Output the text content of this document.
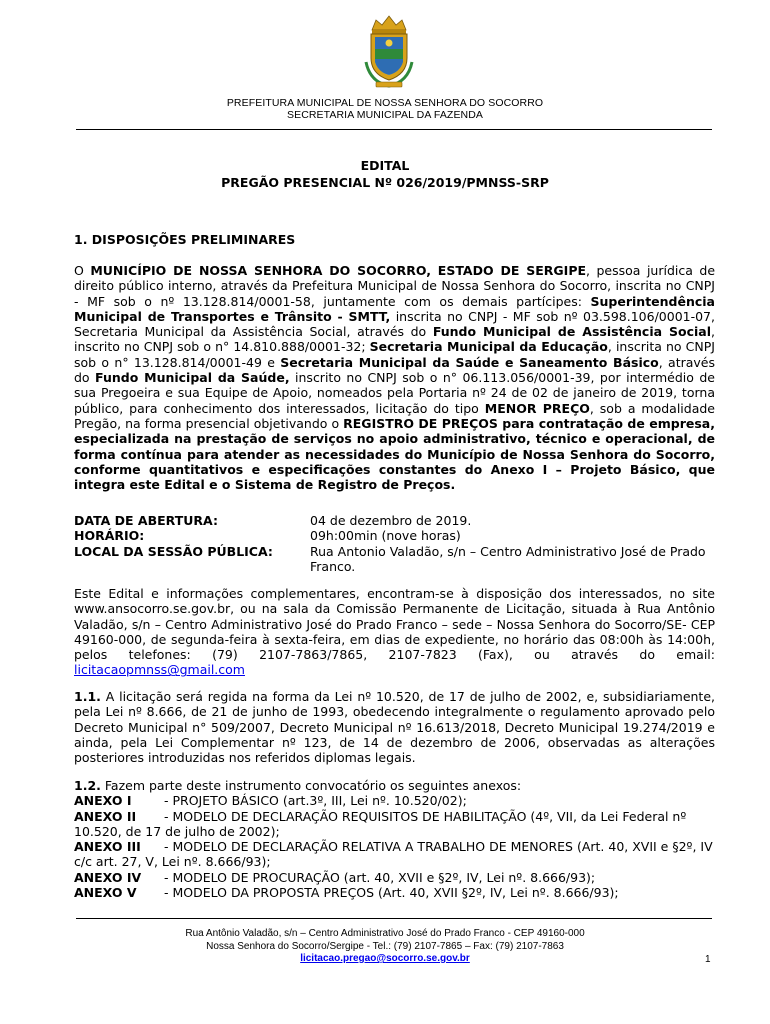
PREFEITURA MUNICIPAL DE NOSSA SENHORA DO SOCORRO
SECRETARIA MUNICIPAL DA FAZENDA
EDITAL
PREGÃO PRESENCIAL Nº 026/2019/PMNSS-SRP
1. DISPOSIÇÕES PRELIMINARES

O MUNICÍPIO DE NOSSA SENHORA DO SOCORRO, ESTADO DE SERGIPE, pessoa jurídica de direito público interno, através da Prefeitura Municipal de Nossa Senhora do Socorro, inscrita no CNPJ - MF sob o nº 13.128.814/0001-58, juntamente com os demais partícipes: Superintendência Municipal de Transportes e Trânsito - SMTT, inscrita no CNPJ - MF sob nº 03.598.106/0001-07, Secretaria Municipal da Assistência Social, através do Fundo Municipal de Assistência Social, inscrito no CNPJ sob o n° 14.810.888/0001-32; Secretaria Municipal da Educação, inscrita no CNPJ sob o n° 13.128.814/0001-49 e Secretaria Municipal da Saúde e Saneamento Básico, através do Fundo Municipal da Saúde, inscrito no CNPJ sob o n° 06.113.056/0001-39, por intermédio de sua Pregoeira e sua Equipe de Apoio, nomeados pela Portaria nº 24 de 02 de janeiro de 2019, torna público, para conhecimento dos interessados, licitação do tipo MENOR PREÇO, sob a modalidade Pregão, na forma presencial objetivando o REGISTRO DE PREÇOS para contratação de empresa, especializada na prestação de serviços no apoio administrativo, técnico e operacional, de forma contínua para atender as necessidades do Município de Nossa Senhora do Socorro, conforme quantitativos e especificações constantes do Anexo I – Projeto Básico, que integra este Edital e o Sistema de Registro de Preços.

DATA DE ABERTURA:	04 de dezembro de 2019.
HORÁRIO:	09h:00min (nove horas)
LOCAL DA SESSÃO PÚBLICA:	Rua Antonio Valadão, s/n – Centro Administrativo José de Prado Franco.

Este Edital e informações complementares, encontram-se à disposição dos interessados, no site www.ansocorro.se.gov.br, ou na sala da Comissão Permanente de Licitação, situada à Rua Antônio Valadão, s/n – Centro Administrativo José do Prado Franco – sede – Nossa Senhora do Socorro/SE- CEP 49160-000, de segunda-feira à sexta-feira, em dias de expediente, no horário das 08:00h às 14:00h, pelos telefones: (79) 2107-7863/7865, 2107-7823 (Fax), ou através do email: licitacaopmnss@gmail.com

1.1. A licitação será regida na forma da Lei nº 10.520, de 17 de julho de 2002, e, subsidiariamente, pela Lei nº 8.666, de 21 de junho de 1993, obedecendo integralmente o regulamento aprovado pelo Decreto Municipal n° 509/2007, Decreto Municipal nº 16.613/2018, Decreto Municipal 19.274/2019 e ainda, pela Lei Complementar nº 123, de 14 de dezembro de 2006, observadas as alterações posteriores introduzidas nos referidos diplomas legais.

1.2. Fazem parte deste instrumento convocatório os seguintes anexos:
ANEXO I	- PROJETO BÁSICO (art.3º, III, Lei nº. 10.520/02);
ANEXO II - MODELO DE DECLARAÇÃO REQUISITOS DE HABILITAÇÃO (4º, VII, da Lei Federal nº 10.520, de 17 de julho de 2002);
ANEXO III - MODELO DE DECLARAÇÃO RELATIVA A TRABALHO DE MENORES (Art. 40, XVII e §2º, IV c/c art. 27, V, Lei nº. 8.666/93);
ANEXO IV - MODELO DE PROCURAÇÃO (art. 40, XVII e §2º, IV, Lei nº. 8.666/93);
ANEXO V - MODELO DA PROPOSTA PREÇOS (Art. 40, XVII §2º, IV, Lei nº. 8.666/93);
Rua Antônio Valadão, s/n – Centro Administrativo José do Prado Franco - CEP 49160-000
Nossa Senhora do Socorro/Sergipe - Tel.: (79) 2107-7865 – Fax: (79) 2107-7863
licitacao.pregao@socorro.se.gov.br	1
